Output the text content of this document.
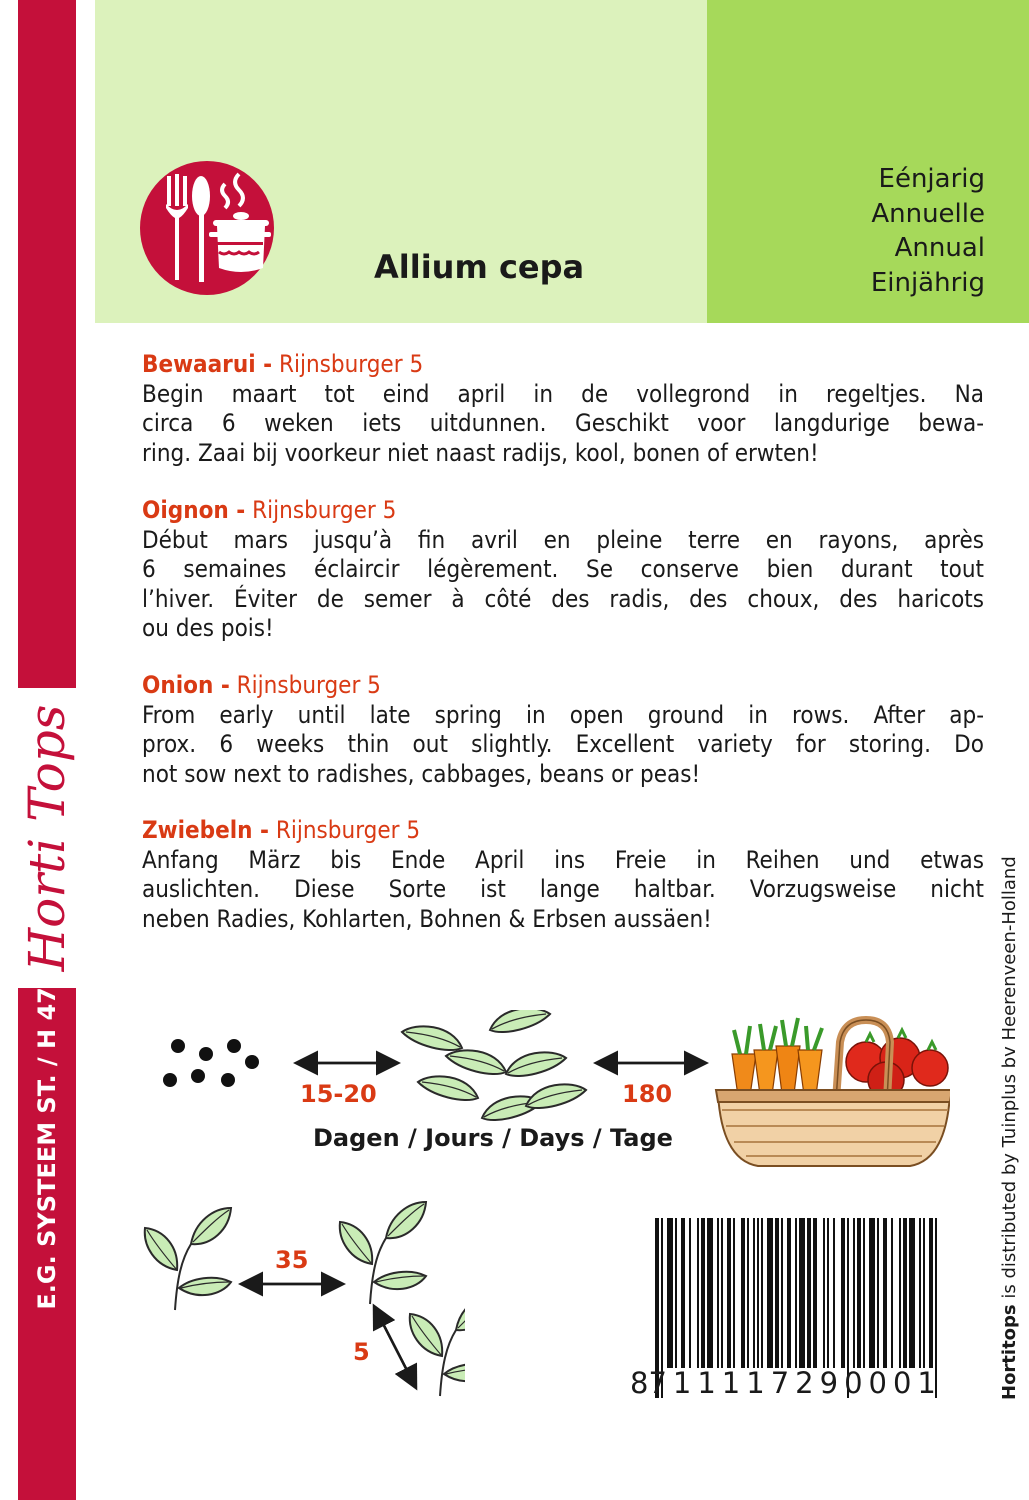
Horti Tops
E.G. SYSTEEM ST. / H 472
Allium cepa
Eénjarig
Annuelle
Annual
Einjährig
Bewaarui - Rijnsburger 5
Begin maart tot eind april in de vollegrond in regeltjes. Na
circa 6 weken iets uitdunnen. Geschikt voor langdurige bewa-
ring. Zaai bij voorkeur niet naast radijs, kool, bonen of erwten!
Oignon - Rijnsburger 5
Début mars jusqu’à fin avril en pleine terre en rayons, après
6 semaines éclaircir légèrement. Se conserve bien durant tout
l’hiver. Éviter de semer à côté des radis, des choux, des haricots
ou des pois!
Onion - Rijnsburger 5
From early until late spring in open ground in rows. After ap-
prox. 6 weeks thin out slightly. Excellent variety for storing. Do
not sow next to radishes, cabbages, beans or peas!
Zwiebeln - Rijnsburger 5
Anfang März bis Ende April ins Freie in Reihen und etwas
auslichten. Diese Sorte ist lange haltbar. Vorzugsweise nicht
neben Radies, Kohlarten, Bohnen & Erbsen aussäen!
15-20	180
Dagen / Jours / Days / Tage
35
5
8 711117 290001	Hortitops is distributed by Tuinplus bv Heerenveen-Holland
